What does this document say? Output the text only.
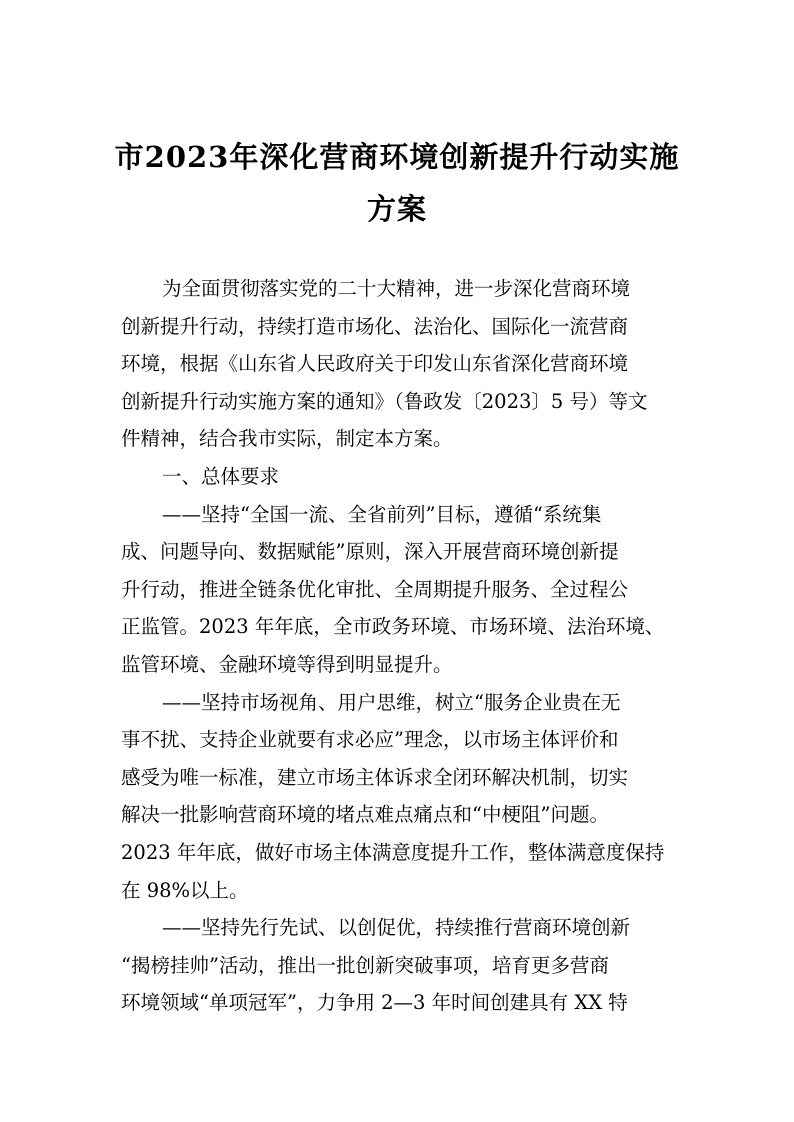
市2023年深化营商环境创新提升行动实施
方案

为全面贯彻落实党的二十大精神，进一步深化营商环境
创新提升行动，持续打造市场化、法治化、国际化一流营商
环境，根据《山东省人民政府关于印发山东省深化营商环境
创新提升行动实施方案的通知》（鲁政发〔2023〕5 号）等文
件精神，结合我市实际，制定本方案。

一、总体要求

——坚持“全国一流、全省前列”目标，遵循“系统集
成、问题导向、数据赋能”原则，深入开展营商环境创新提
升行动，推进全链条优化审批、全周期提升服务、全过程公
正监管。2023 年年底，全市政务环境、市场环境、法治环境、
监管环境、金融环境等得到明显提升。

——坚持市场视角、用户思维，树立“服务企业贵在无
事不扰、支持企业就要有求必应”理念，以市场主体评价和
感受为唯一标准，建立市场主体诉求全闭环解决机制，切实
解决一批影响营商环境的堵点难点痛点和“中梗阻”问题。
2023 年年底，做好市场主体满意度提升工作，整体满意度保持
在 98%以上。

——坚持先行先试、以创促优，持续推行营商环境创新
“揭榜挂帅”活动，推出一批创新突破事项，培育更多营商
环境领域“单项冠军”，力争用 2—3 年时间创建具有 XX 特
